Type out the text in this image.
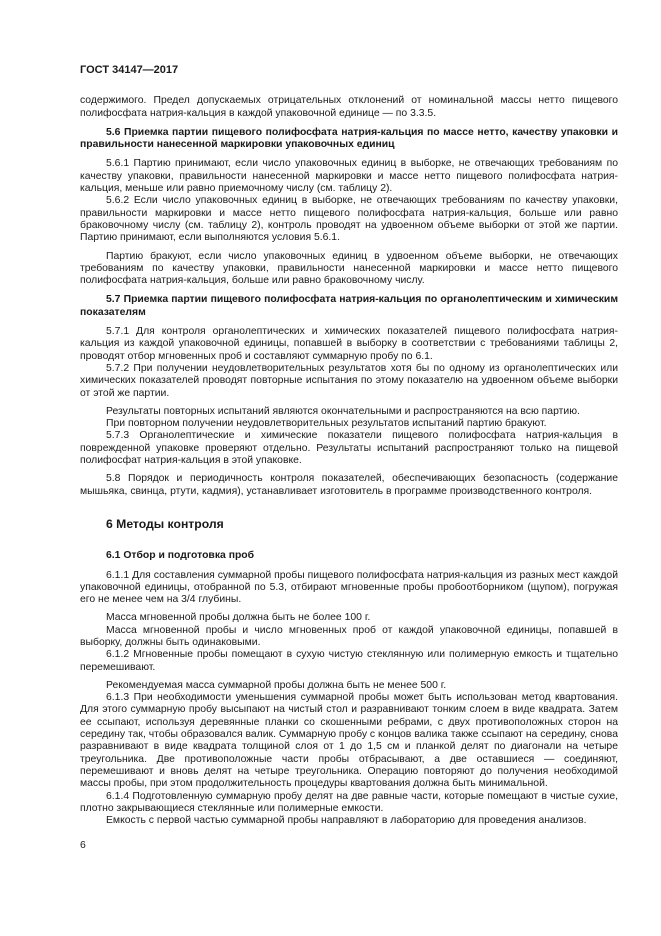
ГОСТ 34147—2017

содержимого. Предел допускаемых отрицательных отклонений от номинальной массы нетто пищевого полифосфата натрия-кальция в каждой упаковочной единице — по 3.3.5.

5.6 Приемка партии пищевого полифосфата натрия-кальция по массе нетто, качеству упаковки и правильности нанесенной маркировки упаковочных единиц

5.6.1 Партию принимают, если число упаковочных единиц в выборке, не отвечающих требованиям по качеству упаковки, правильности нанесенной маркировки и массе нетто пищевого полифосфата натрия-кальция, меньше или равно приемочному числу (см. таблицу 2).

5.6.2 Если число упаковочных единиц в выборке, не отвечающих требованиям по качеству упаковки, правильности маркировки и массе нетто пищевого полифосфата натрия-кальция, больше или равно браковочному числу (см. таблицу 2), контроль проводят на удвоенном объеме выборки от этой же партии. Партию принимают, если выполняются условия 5.6.1.

Партию бракуют, если число упаковочных единиц в удвоенном объеме выборки, не отвечающих требованиям по качеству упаковки, правильности нанесенной маркировки и массе нетто пищевого полифосфата натрия-кальция, больше или равно браковочному числу.

5.7 Приемка партии пищевого полифосфата натрия-кальция по органолептическим и химическим показателям

5.7.1 Для контроля органолептических и химических показателей пищевого полифосфата натрия-кальция из каждой упаковочной единицы, попавшей в выборку в соответствии с требованиями таблицы 2, проводят отбор мгновенных проб и составляют суммарную пробу по 6.1.

5.7.2 При получении неудовлетворительных результатов хотя бы по одному из органолептических или химических показателей проводят повторные испытания по этому показателю на удвоенном объеме выборки от этой же партии.

Результаты повторных испытаний являются окончательными и распространяются на всю партию.

При повторном получении неудовлетворительных результатов испытаний партию бракуют.

5.7.3 Органолептические и химические показатели пищевого полифосфата натрия-кальция в поврежденной упаковке проверяют отдельно. Результаты испытаний распространяют только на пищевой полифосфат натрия-кальция в этой упаковке.

5.8 Порядок и периодичность контроля показателей, обеспечивающих безопасность (содержание мышьяка, свинца, ртути, кадмия), устанавливает изготовитель в программе производственного контроля.

6 Методы контроля
6.1 Отбор и подготовка проб

6.1.1 Для составления суммарной пробы пищевого полифосфата натрия-кальция из разных мест каждой упаковочной единицы, отобранной по 5.3, отбирают мгновенные пробы пробоотборником (щупом), погружая его не менее чем на 3/4 глубины.

Масса мгновенной пробы должна быть не более 100 г.

Масса мгновенной пробы и число мгновенных проб от каждой упаковочной единицы, попавшей в выборку, должны быть одинаковыми.

6.1.2 Мгновенные пробы помещают в сухую чистую стеклянную или полимерную емкость и тщательно перемешивают.

Рекомендуемая масса суммарной пробы должна быть не менее 500 г.

6.1.3 При необходимости уменьшения суммарной пробы может быть использован метод квартования. Для этого суммарную пробу высыпают на чистый стол и разравнивают тонким слоем в виде квадрата. Затем ее ссыпают, используя деревянные планки со скошенными ребрами, с двух противоположных сторон на середину так, чтобы образовался валик. Суммарную пробу с концов валика также ссыпают на середину, снова разравнивают в виде квадрата толщиной слоя от 1 до 1,5 см и планкой делят по диагонали на четыре треугольника. Две противоположные части пробы отбрасывают, а две оставшиеся — соединяют, перемешивают и вновь делят на четыре треугольника. Операцию повторяют до получения необходимой массы пробы, при этом продолжительность процедуры квартования должна быть минимальной.

6.1.4 Подготовленную суммарную пробу делят на две равные части, которые помещают в чистые сухие, плотно закрывающиеся стеклянные или полимерные емкости.

Емкость с первой частью суммарной пробы направляют в лабораторию для проведения анализов.

6
